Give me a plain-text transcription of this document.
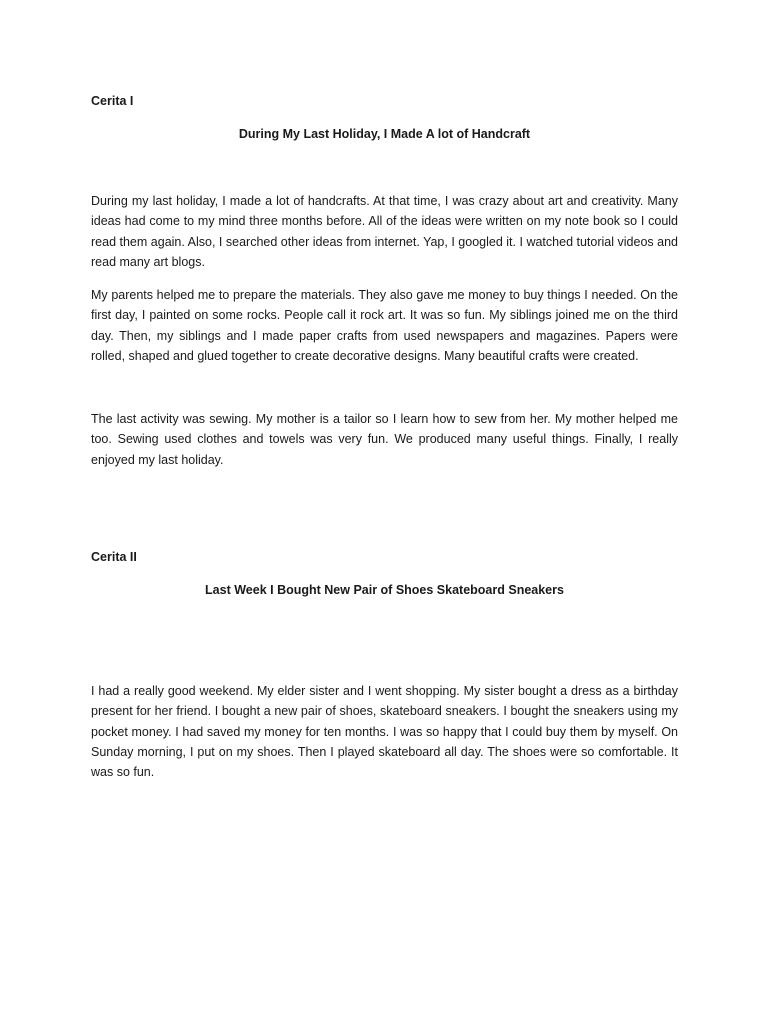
Cerita I

During My Last Holiday, I Made A lot of Handcraft

During my last holiday, I made a lot of handcrafts. At that time, I was crazy about art and creativity. Many ideas had come to my mind three months before. All of the ideas were written on my note book so I could read them again. Also, I searched other ideas from internet. Yap, I googled it. I watched tutorial videos and read many art blogs.

My parents helped me to prepare the materials. They also gave me money to buy things I needed. On the first day, I painted on some rocks. People call it rock art. It was so fun. My siblings joined me on the third day. Then, my siblings and I made paper crafts from used newspapers and magazines. Papers were rolled, shaped and glued together to create decorative designs. Many beautiful crafts were created.

The last activity was sewing. My mother is a tailor so I learn how to sew from her. My mother helped me too. Sewing used clothes and towels was very fun. We produced many useful things. Finally, I really enjoyed my last holiday.

Cerita II

Last Week I Bought New Pair of Shoes Skateboard Sneakers

I had a really good weekend. My elder sister and I went shopping. My sister bought a dress as a birthday present for her friend. I bought a new pair of shoes, skateboard sneakers. I bought the sneakers using my pocket money. I had saved my money for ten months. I was so happy that I could buy them by myself. On Sunday morning, I put on my shoes. Then I played skateboard all day. The shoes were so comfortable. It was so fun.
